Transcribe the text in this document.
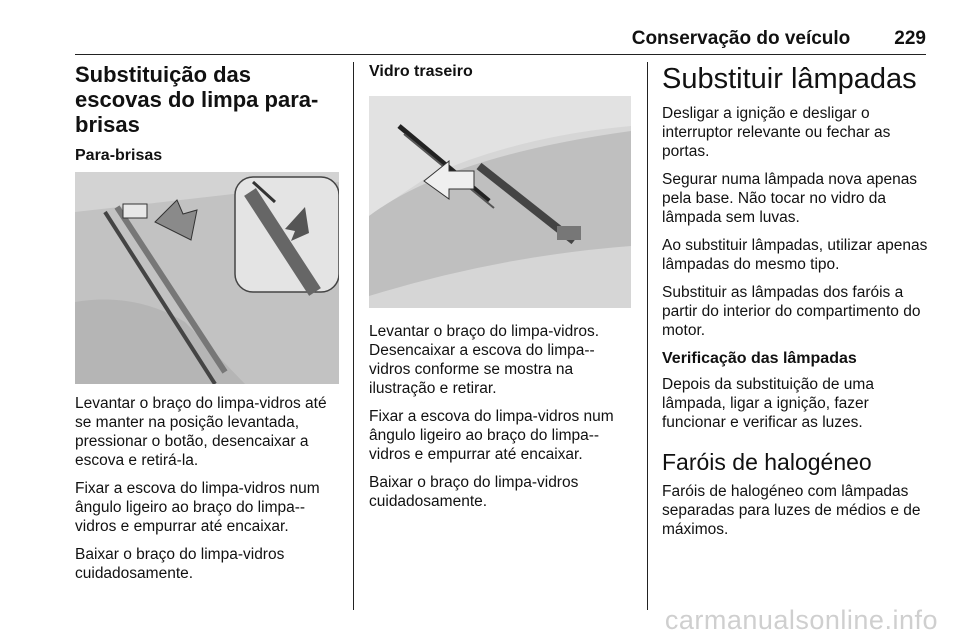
Conservação do veículo 229
Substituição das escovas do limpa para-brisas
Para-brisas

Levantar o braço do limpa-vidros até se manter na posição levantada, pressionar o botão, desencaixar a escova e retirá-la.

Fixar a escova do limpa-vidros num ângulo ligeiro ao braço do limpa--vidros e empurrar até encaixar.

Baixar o braço do limpa-vidros cuidadosamente.

Vidro traseiro

Levantar o braço do limpa-vidros. Desencaixar a escova do limpa--vidros conforme se mostra na ilustração e retirar.

Fixar a escova do limpa-vidros num ângulo ligeiro ao braço do limpa--vidros e empurrar até encaixar.

Baixar o braço do limpa-vidros cuidadosamente.

Substituir lâmpadas

Desligar a ignição e desligar o interruptor relevante ou fechar as portas.

Segurar numa lâmpada nova apenas pela base. Não tocar no vidro da lâmpada sem luvas.

Ao substituir lâmpadas, utilizar apenas lâmpadas do mesmo tipo.

Substituir as lâmpadas dos faróis a partir do interior do compartimento do motor.

Verificação das lâmpadas

Depois da substituição de uma lâmpada, ligar a ignição, fazer funcionar e verificar as luzes.

Faróis de halogéneo

Faróis de halogéneo com lâmpadas separadas para luzes de médios e de máximos.

carmanualsonline.info
